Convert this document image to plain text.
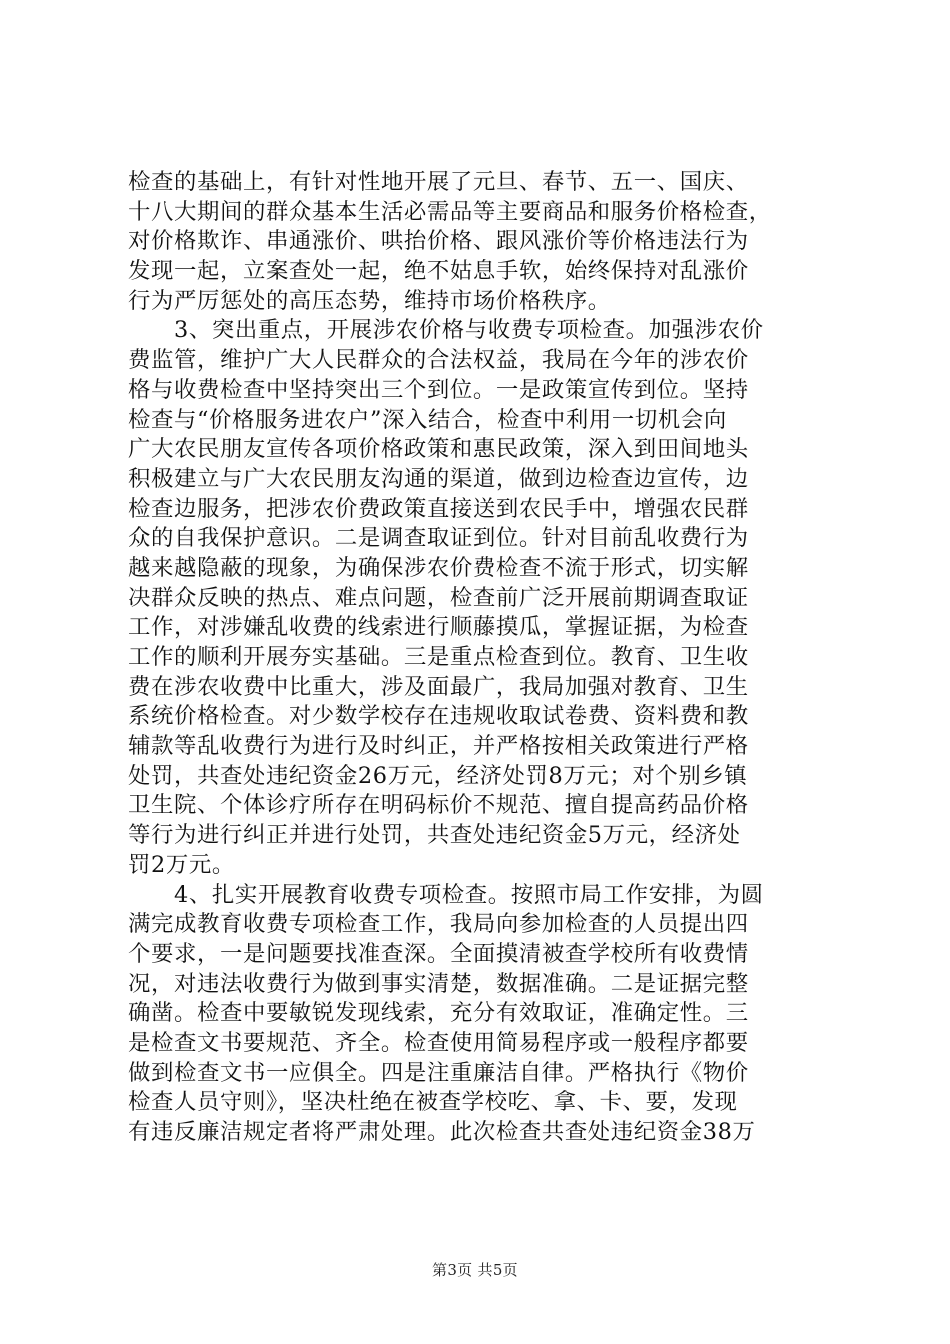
检查的基础上，有针对性地开展了元旦、春节、五一、国庆、
十八大期间的群众基本生活必需品等主要商品和服务价格检查，
对价格欺诈、串通涨价、哄抬价格、跟风涨价等价格违法行为
发现一起，立案查处一起，绝不姑息手软，始终保持对乱涨价
行为严厉惩处的高压态势，维持市场价格秩序。
3、突出重点，开展涉农价格与收费专项检查。加强涉农价
费监管，维护广大人民群众的合法权益，我局在今年的涉农价
格与收费检查中坚持突出三个到位。一是政策宣传到位。坚持
检查与“价格服务进农户”深入结合，检查中利用一切机会向
广大农民朋友宣传各项价格政策和惠民政策，深入到田间地头
积极建立与广大农民朋友沟通的渠道，做到边检查边宣传，边
检查边服务，把涉农价费政策直接送到农民手中，增强农民群
众的自我保护意识。二是调查取证到位。针对目前乱收费行为
越来越隐蔽的现象，为确保涉农价费检查不流于形式，切实解
决群众反映的热点、难点问题，检查前广泛开展前期调查取证
工作，对涉嫌乱收费的线索进行顺藤摸瓜，掌握证据，为检查
工作的顺利开展夯实基础。三是重点检查到位。教育、卫生收
费在涉农收费中比重大，涉及面最广，我局加强对教育、卫生
系统价格检查。对少数学校存在违规收取试卷费、资料费和教
辅款等乱收费行为进行及时纠正，并严格按相关政策进行严格
处罚，共查处违纪资金26万元，经济处罚8万元；对个别乡镇
卫生院、个体诊疗所存在明码标价不规范、擅自提高药品价格
等行为进行纠正并进行处罚，共查处违纪资金5万元，经济处
罚2万元。
4、扎实开展教育收费专项检查。按照市局工作安排，为圆
满完成教育收费专项检查工作，我局向参加检查的人员提出四
个要求，一是问题要找准查深。全面摸清被查学校所有收费情
况，对违法收费行为做到事实清楚，数据准确。二是证据完整
确凿。检查中要敏锐发现线索，充分有效取证，准确定性。三
是检查文书要规范、齐全。检查使用简易程序或一般程序都要
做到检查文书一应俱全。四是注重廉洁自律。严格执行《物价
检查人员守则》，坚决杜绝在被查学校吃、拿、卡、要，发现
有违反廉洁规定者将严肃处理。此次检查共查处违纪资金38万
第3页 共5页
